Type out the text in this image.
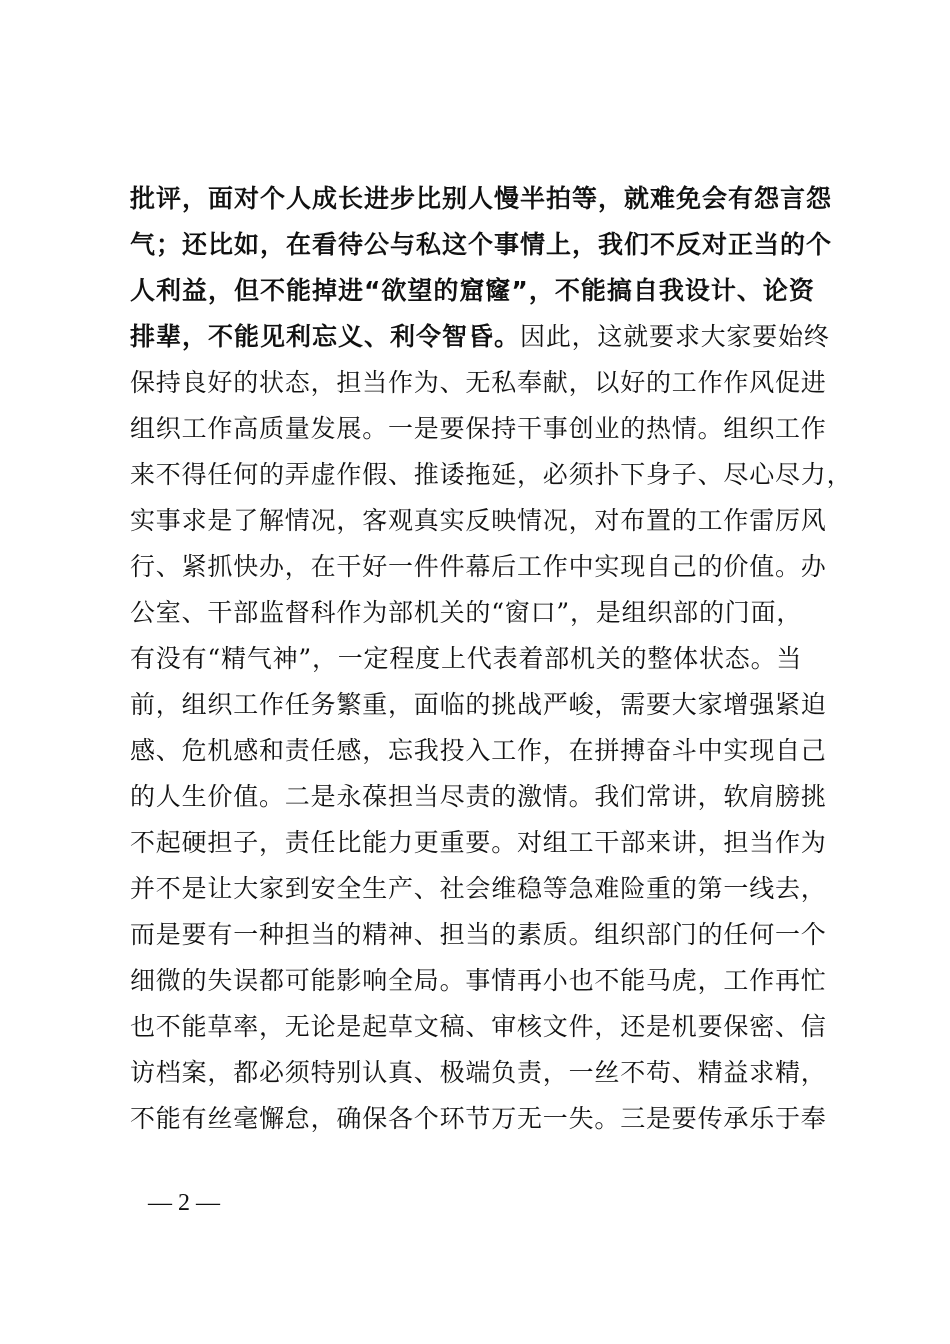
批评，面对个人成长进步比别人慢半拍等，就难免会有怨言怨
气；还比如，在看待公与私这个事情上，我们不反对正当的个
人利益，但不能掉进“欲望的窟窿”，不能搞自我设计、论资
排辈，不能见利忘义、利令智昏。因此，这就要求大家要始终
保持良好的状态，担当作为、无私奉献，以好的工作作风促进
组织工作高质量发展。一是要保持干事创业的热情。组织工作
来不得任何的弄虚作假、推诿拖延，必须扑下身子、尽心尽力，
实事求是了解情况，客观真实反映情况，对布置的工作雷厉风
行、紧抓快办，在干好一件件幕后工作中实现自己的价值。办
公室、干部监督科作为部机关的“窗口”，是组织部的门面，
有没有“精气神”，一定程度上代表着部机关的整体状态。当
前，组织工作任务繁重，面临的挑战严峻，需要大家增强紧迫
感、危机感和责任感，忘我投入工作，在拼搏奋斗中实现自己
的人生价值。二是永葆担当尽责的激情。我们常讲，软肩膀挑
不起硬担子，责任比能力更重要。对组工干部来讲，担当作为
并不是让大家到安全生产、社会维稳等急难险重的第一线去，
而是要有一种担当的精神、担当的素质。组织部门的任何一个
细微的失误都可能影响全局。事情再小也不能马虎，工作再忙
也不能草率，无论是起草文稿、审核文件，还是机要保密、信
访档案，都必须特别认真、极端负责，一丝不苟、精益求精，
不能有丝毫懈怠，确保各个环节万无一失。三是要传承乐于奉
— 2 —
